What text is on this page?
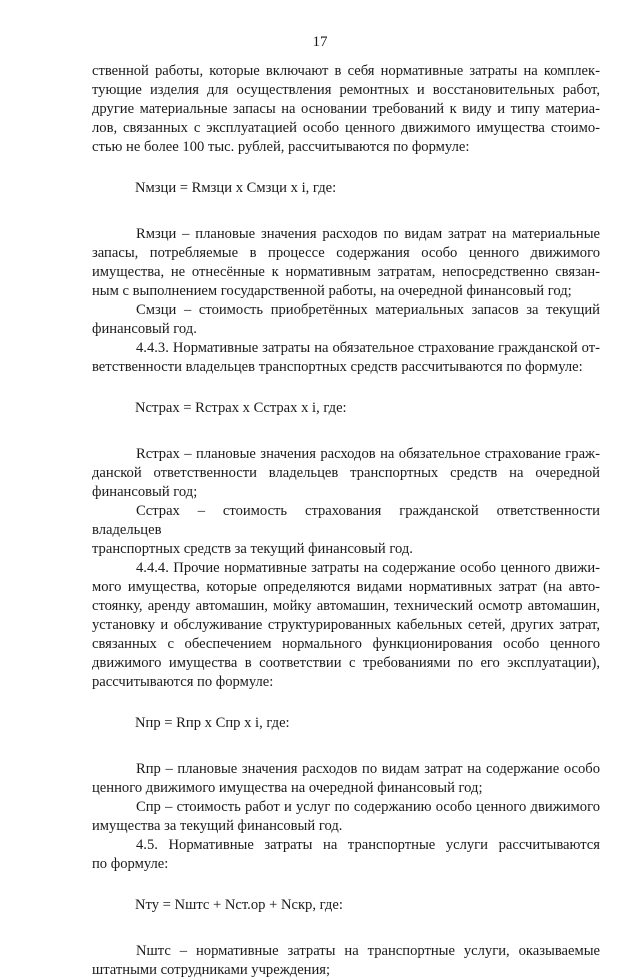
17

ственной работы, которые включают в себя нормативные затраты на комплек-

тующие изделия для осуществления ремонтных и восстановительных работ,

другие материальные запасы на основании требований к виду и типу материа-

лов, связанных с эксплуатацией особо ценного движимого имущества стоимо-

стью не более 100 тыс. рублей, рассчитываются по формуле:

Nмзци = Rмзци x Cмзци x i, где:

Rмзци – плановые значения расходов по видам затрат на материальные

запасы, потребляемые в процессе содержания особо ценного движимого

имущества, не отнесённые к нормативным затратам, непосредственно связан-

ным с выполнением государственной работы, на очередной финансовый год;

Cмзци – стоимость приобретённых материальных запасов за текущий

финансовый год.

4.4.3. Нормативные затраты на обязательное страхование гражданской от-

ветственности владельцев транспортных средств рассчитываются по формуле:

Nстрах = Rстрах x Cстрах x i, где:

Rстрах – плановые значения расходов на обязательное страхование граж-

данской ответственности владельцев транспортных средств на очередной

финансовый год;

Cстрах – стоимость страхования гражданской ответственности владельцев

транспортных средств за текущий финансовый год.

4.4.4. Прочие нормативные затраты на содержание особо ценного движи-

мого имущества, которые определяются видами нормативных затрат (на авто-

стоянку, аренду автомашин, мойку автомашин, технический осмотр автомашин,

установку и обслуживание структурированных кабельных сетей, других затрат,

связанных с обеспечением нормального функционирования особо ценного

движимого имущества в соответствии с требованиями по его эксплуатации),

рассчитываются по формуле:

Nпр = Rпр x Cпр x i, где:

Rпр – плановые значения расходов по видам затрат на содержание особо

ценного движимого имущества на очередной финансовый год;

Cпр – стоимость работ и услуг по содержанию особо ценного движимого

имущества за текущий финансовый год.

4.5. Нормативные затраты на транспортные услуги рассчитываются

по формуле:

Nту = Nштс + Nст.ор + Nскр, где:

Nштс – нормативные затраты на транспортные услуги, оказываемые

штатными сотрудниками учреждения;
